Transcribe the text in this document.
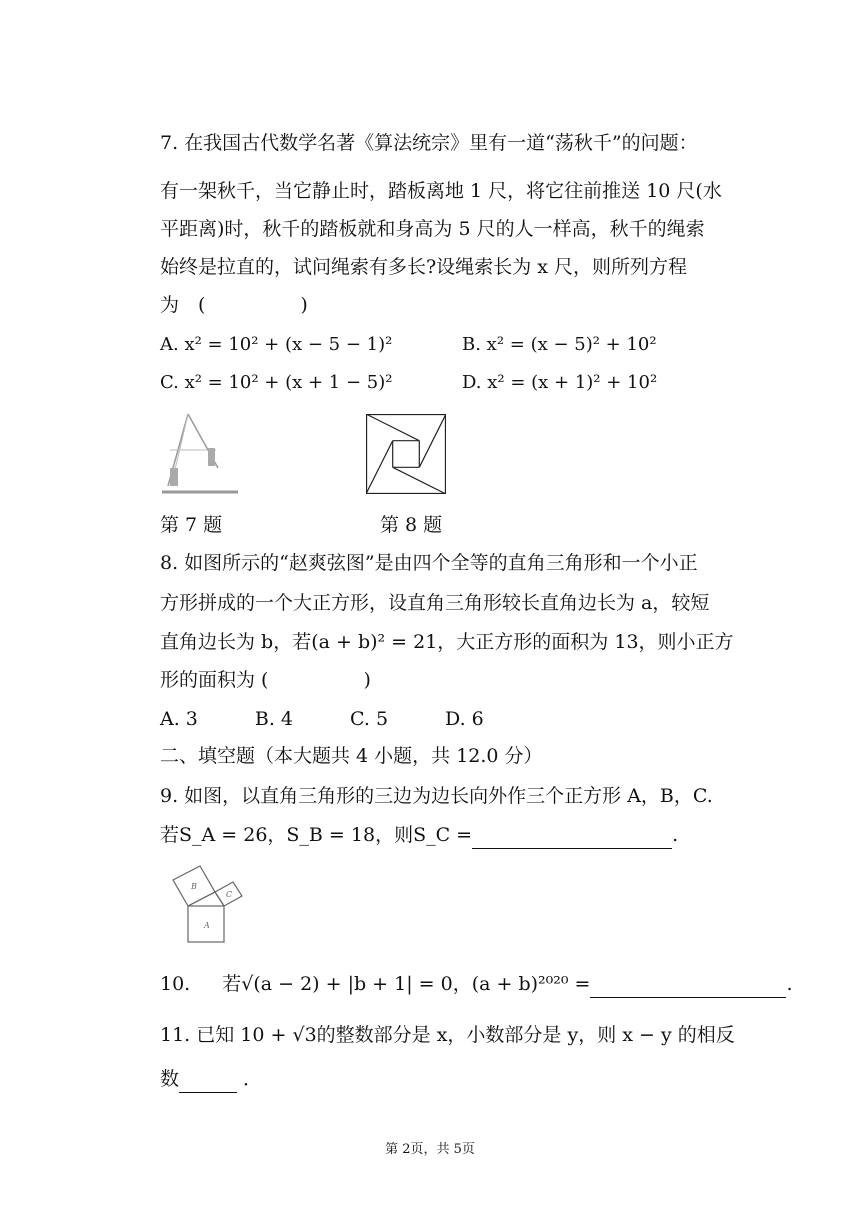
7. 在我国古代数学名著《算法统宗》里有一道“荡秋千”的问题：
有一架秋千，当它静止时，踏板离地 1 尺，将它往前推送 10 尺(水
平距离)时，秋千的踏板就和身高为 5 尺的人一样高，秋千的绳索
始终是拉直的，试问绳索有多长?设绳索长为 x 尺，则所列方程
为　(　　　　　)
A. x² = 10² + (x − 5 − 1)²	B. x² = (x − 5)² + 10²
C. x² = 10² + (x + 1 − 5)²	D. x² = (x + 1)² + 10²
第 7 题	第 8 题
8. 如图所示的“赵爽弦图”是由四个全等的直角三角形和一个小正
方形拼成的一个大正方形，设直角三角形较长直角边长为 a，较短
直角边长为 b，若(a + b)² = 21，大正方形的面积为 13，则小正方
形的面积为 (　　　　　)
A. 3　　　B. 4　　　C. 5　　　D. 6
二、填空题（本大题共 4 小题，共 12.0 分）
9. 如图，以直角三角形的三边为边长向外作三个正方形 A，B，C.
若S_A = 26，S_B = 18，则S_C =	.
A
B
C
10. 若√(a − 2) + |b + 1| = 0，(a + b)²⁰²⁰ =	.
11. 已知 10 + √3的整数部分是 x，小数部分是 y，则 x − y 的相反
数	．
第 2页，共 5页
